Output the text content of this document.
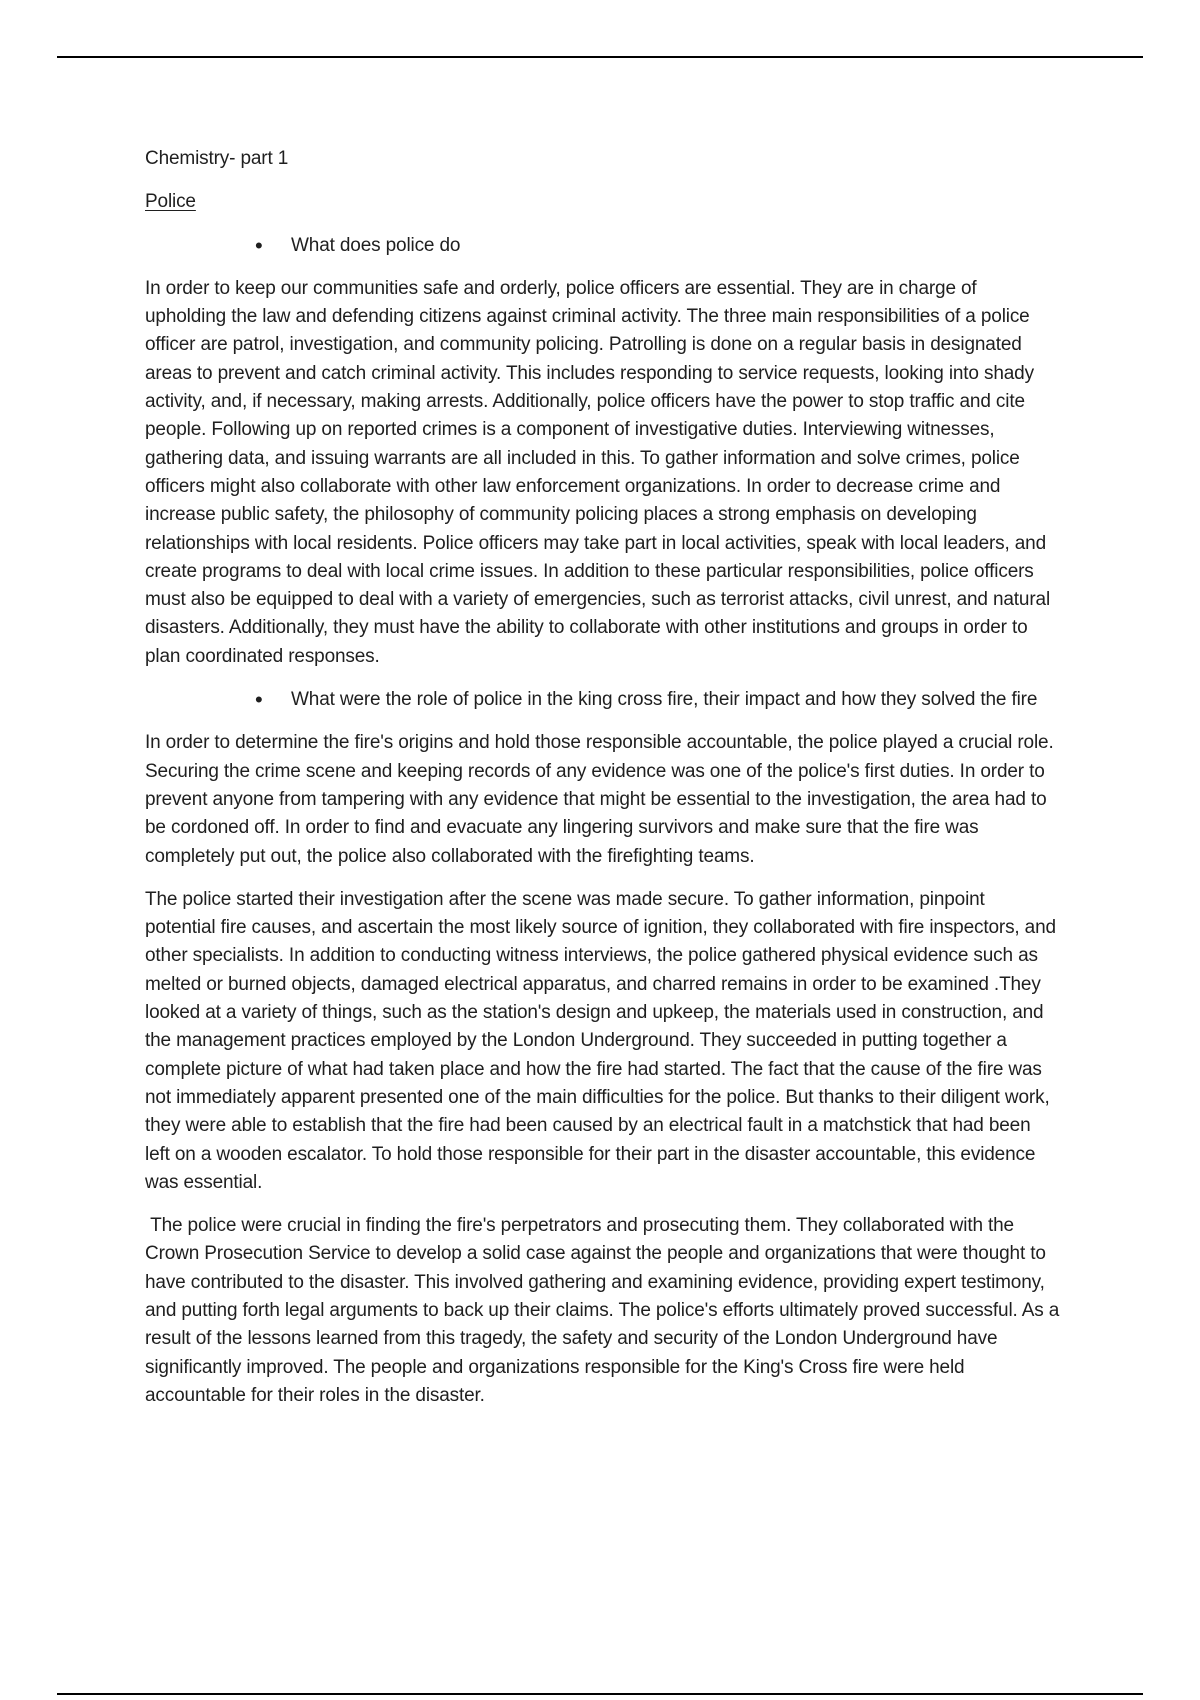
Chemistry- part 1

Police

•	What does police do

In order to keep our communities safe and orderly, police officers are essential. They are in charge of upholding the law and defending citizens against criminal activity. The three main responsibilities of a police officer are patrol, investigation, and community policing. Patrolling is done on a regular basis in designated areas to prevent and catch criminal activity. This includes responding to service requests, looking into shady activity, and, if necessary, making arrests. Additionally, police officers have the power to stop traffic and cite people. Following up on reported crimes is a component of investigative duties. Interviewing witnesses, gathering data, and issuing warrants are all included in this. To gather information and solve crimes, police officers might also collaborate with other law enforcement organizations. In order to decrease crime and increase public safety, the philosophy of community policing places a strong emphasis on developing relationships with local residents. Police officers may take part in local activities, speak with local leaders, and create programs to deal with local crime issues. In addition to these particular responsibilities, police officers must also be equipped to deal with a variety of emergencies, such as terrorist attacks, civil unrest, and natural disasters. Additionally, they must have the ability to collaborate with other institutions and groups in order to plan coordinated responses.

•	What were the role of police in the king cross fire, their impact and how they solved the fire

In order to determine the fire's origins and hold those responsible accountable, the police played a crucial role. Securing the crime scene and keeping records of any evidence was one of the police's first duties. In order to prevent anyone from tampering with any evidence that might be essential to the investigation, the area had to be cordoned off. In order to find and evacuate any lingering survivors and make sure that the fire was completely put out, the police also collaborated with the firefighting teams.

The police started their investigation after the scene was made secure. To gather information, pinpoint potential fire causes, and ascertain the most likely source of ignition, they collaborated with fire inspectors, and other specialists. In addition to conducting witness interviews, the police gathered physical evidence such as melted or burned objects, damaged electrical apparatus, and charred remains in order to be examined .They looked at a variety of things, such as the station's design and upkeep, the materials used in construction, and the management practices employed by the London Underground. They succeeded in putting together a complete picture of what had taken place and how the fire had started. The fact that the cause of the fire was not immediately apparent presented one of the main difficulties for the police. But thanks to their diligent work, they were able to establish that the fire had been caused by an electrical fault in a matchstick that had been left on a wooden escalator. To hold those responsible for their part in the disaster accountable, this evidence was essential.

The police were crucial in finding the fire's perpetrators and prosecuting them. They collaborated with the Crown Prosecution Service to develop a solid case against the people and organizations that were thought to have contributed to the disaster. This involved gathering and examining evidence, providing expert testimony, and putting forth legal arguments to back up their claims. The police's efforts ultimately proved successful. As a result of the lessons learned from this tragedy, the safety and security of the London Underground have significantly improved. The people and organizations responsible for the King's Cross fire were held accountable for their roles in the disaster.
